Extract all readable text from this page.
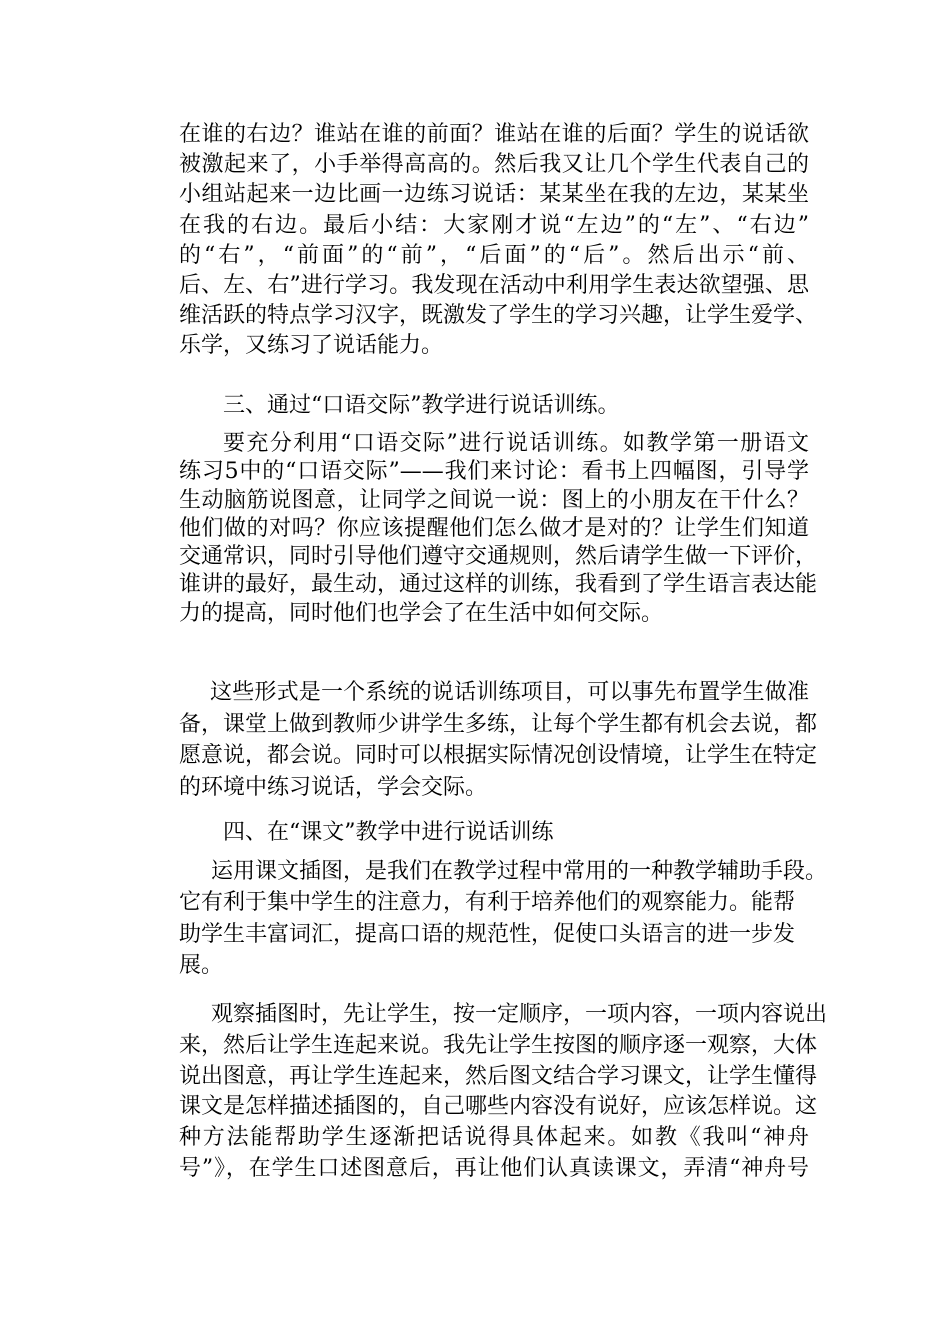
在谁的右边？谁站在谁的前面？谁站在谁的后面？学生的说话欲
被激起来了，小手举得高高的。然后我又让几个学生代表自己的
小组站起来一边比画一边练习说话：某某坐在我的左边，某某坐
在我的右边。最后小结：大家刚才说“左边”的“左”、“右边”
的“右”，“前面”的“前”，“后面”的“后”。然后出示“前、
后、左、右”进行学习。我发现在活动中利用学生表达欲望强、思
维活跃的特点学习汉字，既激发了学生的学习兴趣，让学生爱学、
乐学，又练习了说话能力。
三、通过“口语交际”教学进行说话训练。
要充分利用“口语交际”进行说话训练。如教学第一册语文
练习5中的“口语交际”——我们来讨论：看书上四幅图，引导学
生动脑筋说图意，让同学之间说一说：图上的小朋友在干什么？
他们做的对吗？你应该提醒他们怎么做才是对的？让学生们知道
交通常识，同时引导他们遵守交通规则，然后请学生做一下评价，
谁讲的最好，最生动，通过这样的训练，我看到了学生语言表达能
力的提高，同时他们也学会了在生活中如何交际。
这些形式是一个系统的说话训练项目，可以事先布置学生做准
备，课堂上做到教师少讲学生多练，让每个学生都有机会去说，都
愿意说，都会说。同时可以根据实际情况创设情境，让学生在特定
的环境中练习说话，学会交际。
四、在“课文”教学中进行说话训练
运用课文插图，是我们在教学过程中常用的一种教学辅助手段。
它有利于集中学生的注意力，有利于培养他们的观察能力。能帮
助学生丰富词汇，提高口语的规范性，促使口头语言的进一步发
展。
观察插图时，先让学生，按一定顺序，一项内容，一项内容说出
来，然后让学生连起来说。我先让学生按图的顺序逐一观察，大体
说出图意，再让学生连起来，然后图文结合学习课文，让学生懂得
课文是怎样描述插图的，自己哪些内容没有说好，应该怎样说。这
种方法能帮助学生逐渐把话说得具体起来。如教《我叫“神舟
号”》，在学生口述图意后，再让他们认真读课文，弄清“神舟号
